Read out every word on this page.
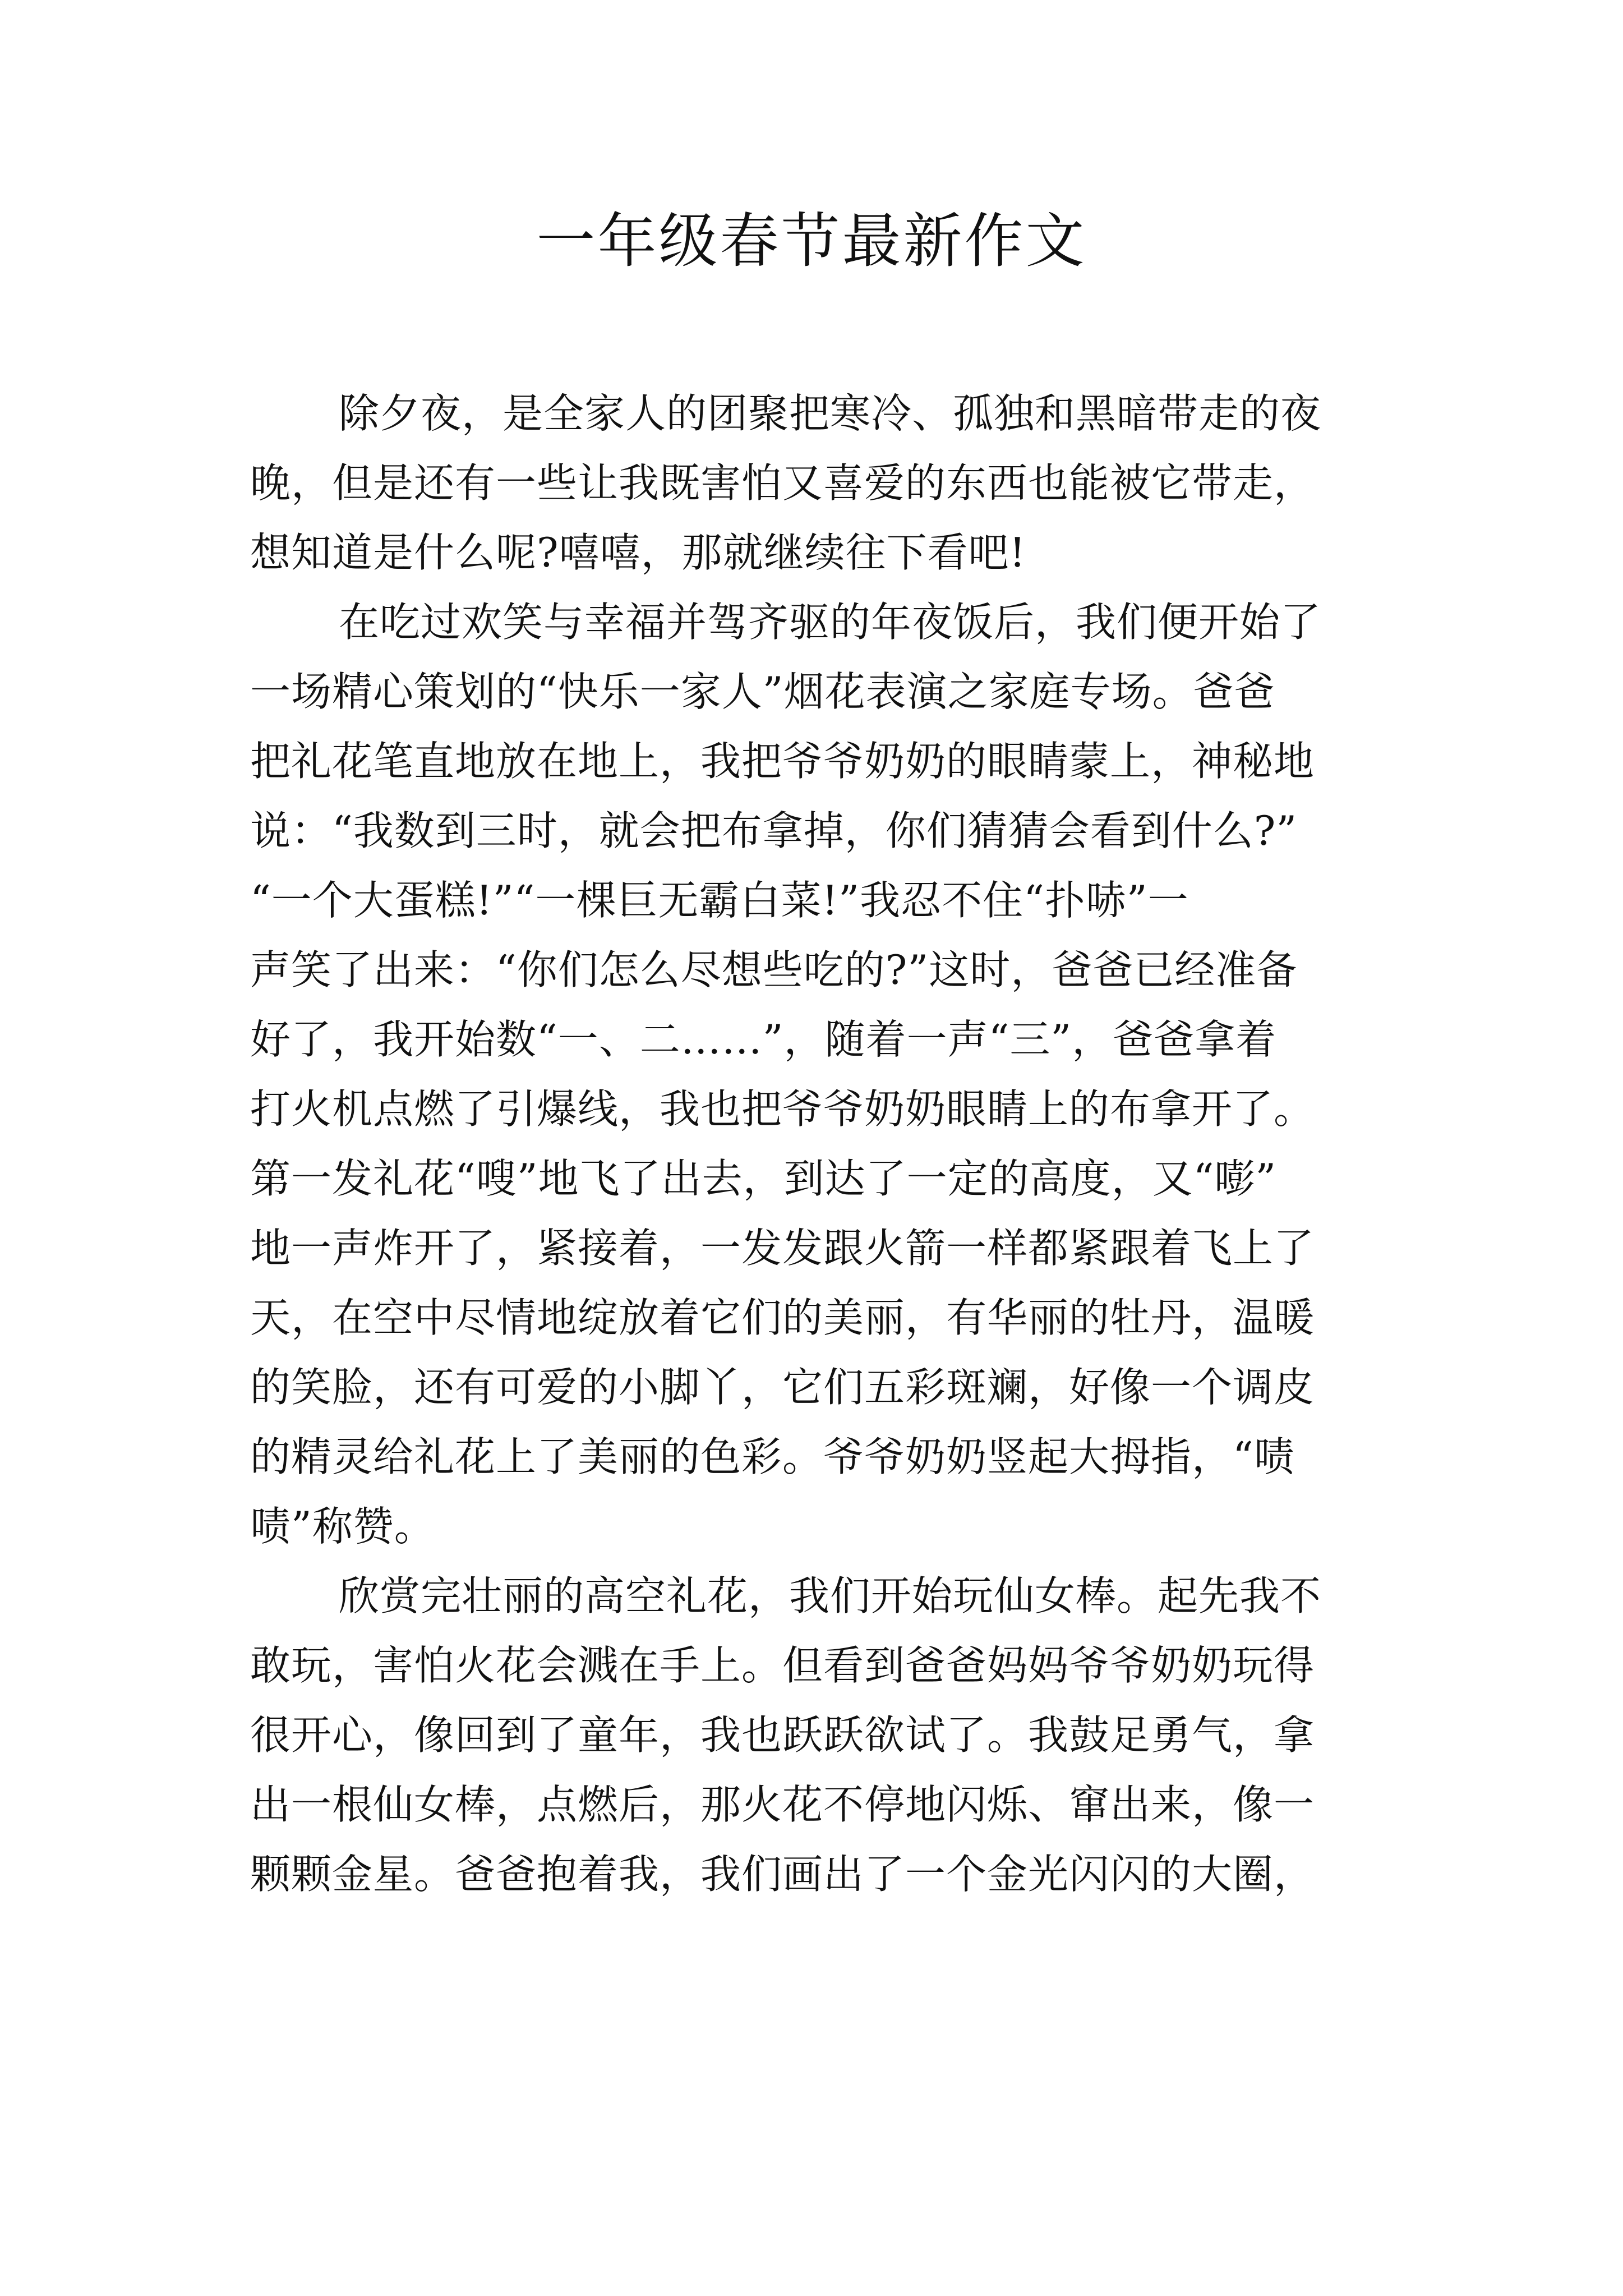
一年级春节最新作文
除夕夜，是全家人的团聚把寒冷、孤独和黑暗带走的夜
晚，但是还有一些让我既害怕又喜爱的东西也能被它带走，
想知道是什么呢?嘻嘻，那就继续往下看吧!
在吃过欢笑与幸福并驾齐驱的年夜饭后，我们便开始了
一场精心策划的“快乐一家人”烟花表演之家庭专场。爸爸
把礼花笔直地放在地上，我把爷爷奶奶的眼睛蒙上，神秘地
说：“我数到三时，就会把布拿掉，你们猜猜会看到什么?”
“一个大蛋糕!”“一棵巨无霸白菜!”我忍不住“扑哧”一
声笑了出来：“你们怎么尽想些吃的?”这时，爸爸已经准备
好了，我开始数“一、二……”，随着一声“三”，爸爸拿着
打火机点燃了引爆线，我也把爷爷奶奶眼睛上的布拿开了。
第一发礼花“嗖”地飞了出去，到达了一定的高度，又“嘭”
地一声炸开了，紧接着，一发发跟火箭一样都紧跟着飞上了
天，在空中尽情地绽放着它们的美丽，有华丽的牡丹，温暖
的笑脸，还有可爱的小脚丫，它们五彩斑斓，好像一个调皮
的精灵给礼花上了美丽的色彩。爷爷奶奶竖起大拇指，“啧
啧”称赞。
欣赏完壮丽的高空礼花，我们开始玩仙女棒。起先我不
敢玩，害怕火花会溅在手上。但看到爸爸妈妈爷爷奶奶玩得
很开心，像回到了童年，我也跃跃欲试了。我鼓足勇气，拿
出一根仙女棒，点燃后，那火花不停地闪烁、窜出来，像一
颗颗金星。爸爸抱着我，我们画出了一个金光闪闪的大圈，
